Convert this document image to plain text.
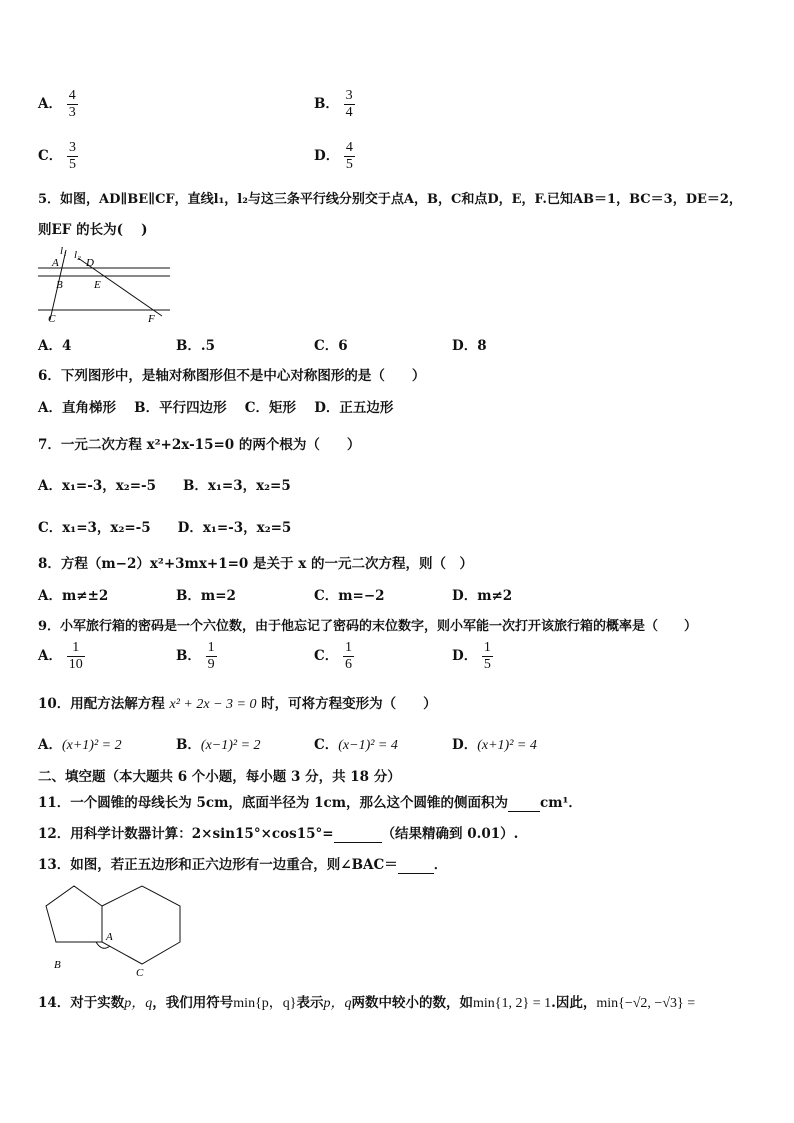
A． $\frac{4}{3}$	B． $\frac{3}{4}$
C． $\frac{3}{5}$	D． $\frac{4}{5}$
5．如图，AD∥BE∥CF，直线l₁，l₂与这三条平行线分别交于点A，B，C和点D，E，F.已知AB＝1，BC＝3，DE＝2，
则EF 的长为(　 )
l₁ l₂
A D
B	E
C	F
A．4	B．.5	C．6	D．8
6．下列图形中，是轴对称图形但不是中心对称图形的是（　　）
A．直角梯形　 B．平行四边形　 C．矩形　 D．正五边形
7．一元二次方程 x²+2x-15=0 的两个根为（　　）
A．x₁=-3，x₂=-5　　B．x₁=3，x₂=5
C．x₁=3，x₂=-5　　D．x₁=-3，x₂=5
8．方程（m−2）x²+3mx+1=0 是关于 x 的一元二次方程，则（　）
A．m≠±2	B．m=2	C．m=−2	D．m≠2
9．小军旅行箱的密码是一个六位数，由于他忘记了密码的末位数字，则小军能一次打开该旅行箱的概率是（　　）
A． $\frac{1}{10}$	B． $\frac{1}{9}$	C． $\frac{1}{6}$	D． $\frac{1}{5}$
10．用配方法解方程 x² + 2x − 3 = 0 时，可将方程变形为（　　）
A．(x+1)² = 2	B．(x−1)² = 2	C．(x−1)² = 4	D．(x+1)² = 4
二、填空题（本大题共 6 个小题，每小题 3 分，共 18 分）
11．一个圆锥的母线长为 5cm，底面半径为 1cm，那么这个圆锥的侧面积为 cm¹．
12．用科学计数器计算：2×sin15°×cos15°=	（结果精确到 0.01）.
13．如图，若正五边形和正六边形有一边重合，则∠BAC＝	．
A
B
C
14．对于实数p，q，我们用符号min{p，q}表示p，q两数中较小的数，如min{1, 2} = 1.因此，min{−√2, −√3} =
